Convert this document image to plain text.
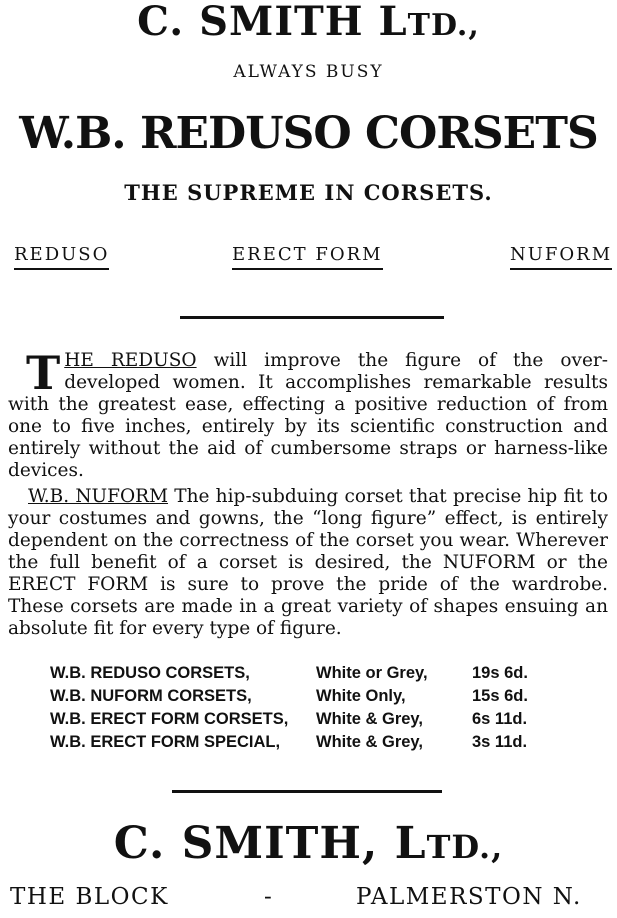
C. SMITH LTD.,
ALWAYS BUSY
W.B. REDUSO CORSETS
THE SUPREME IN CORSETS.
REDUSO	ERECT FORM	NUFORM
THE REDUSO will improve the figure of the over-developed women. It accomplishes remarkable results with the greatest ease, effecting a positive reduction of from one to five inches, entirely by its scientific construction and entirely without the aid of cumbersome straps or harness-like devices.
W.B. NUFORM The hip-subduing corset that precise hip fit to your costumes and gowns, the “long figure” effect, is entirely dependent on the correctness of the corset you wear. Wherever the full benefit of a corset is desired, the NUFORM or the ERECT FORM is sure to prove the pride of the wardrobe. These corsets are made in a great variety of shapes ensuing an absolute fit for every type of figure.
W.B. REDUSO CORSETS,	White or Grey,	19s 6d.
W.B. NUFORM CORSETS,	White Only,	15s 6d.
W.B. ERECT FORM CORSETS,	White & Grey,	6s 11d.
W.B. ERECT FORM SPECIAL,	White & Grey,	3s 11d.
C. SMITH, LTD.,
THE BLOCK	-	PALMERSTON N.
